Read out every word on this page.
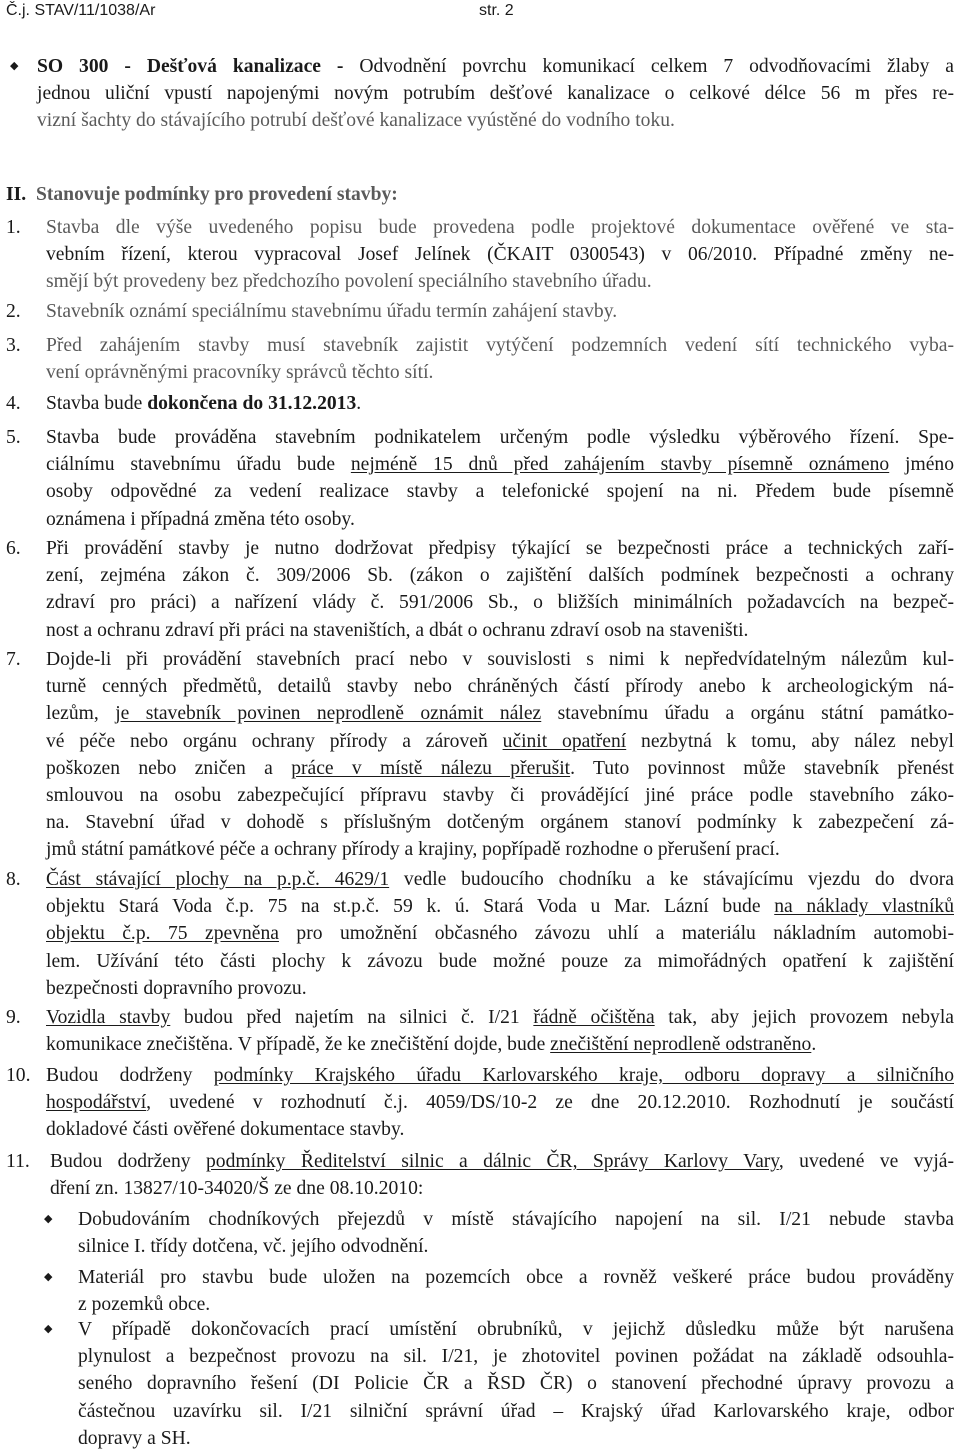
Č.j. STAV/11/1038/Ar	str. 2
◆ SO 300 - Dešťová kanalizace - Odvodnění povrchu komunikací celkem 7 odvodňovacími žlaby a
jednou uliční vpustí napojenými novým potrubím dešťové kanalizace o celkové délce 56 m přes re-
vizní šachty do stávajícího potrubí dešťové kanalizace vyústěné do vodního toku.
II. Stanovuje podmínky pro provedení stavby:
1. Stavba dle výše uvedeného popisu bude provedena podle projektové dokumentace ověřené ve sta-
vebním řízení, kterou vypracoval Josef Jelínek (ČKAIT 0300543) v 06/2010. Případné změny ne-
smějí být provedeny bez předchozího povolení speciálního stavebního úřadu.
2. Stavebník oznámí speciálnímu stavebnímu úřadu termín zahájení stavby.
3. Před zahájením stavby musí stavebník zajistit vytýčení podzemních vedení sítí technického vyba-
vení oprávněnými pracovníky správců těchto sítí.
4. Stavba bude dokončena do 31.12.2013.
5. Stavba bude prováděna stavebním podnikatelem určeným podle výsledku výběrového řízení. Spe-
ciálnímu stavebnímu úřadu bude nejméně 15 dnů před zahájením stavby písemně oznámeno jméno
osoby odpovědné za vedení realizace stavby a telefonické spojení na ni. Předem bude písemně
oznámena i případná změna této osoby.
6. Při provádění stavby je nutno dodržovat předpisy týkající se bezpečnosti práce a technických zaří-
zení, zejména zákon č. 309/2006 Sb. (zákon o zajištění dalších podmínek bezpečnosti a ochrany
zdraví pro práci) a nařízení vlády č. 591/2006 Sb., o bližších minimálních požadavcích na bezpeč-
nost a ochranu zdraví při práci na staveništích, a dbát o ochranu zdraví osob na staveništi.
7. Dojde-li při provádění stavebních prací nebo v souvislosti s nimi k nepředvídatelným nálezům kul-
turně cenných předmětů, detailů stavby nebo chráněných částí přírody anebo k archeologickým ná-
lezům, je stavebník povinen neprodleně oznámit nález stavebnímu úřadu a orgánu státní památko-
vé péče nebo orgánu ochrany přírody a zároveň učinit opatření nezbytná k tomu, aby nález nebyl
poškozen nebo zničen a práce v místě nálezu přerušit. Tuto povinnost může stavebník přenést
smlouvou na osobu zabezpečující přípravu stavby či provádějící jiné práce podle stavebního záko-
na. Stavební úřad v dohodě s příslušným dotčeným orgánem stanoví podmínky k zabezpečení zá-
jmů státní památkové péče a ochrany přírody a krajiny, popřípadě rozhodne o přerušení prací.
8. Část stávající plochy na p.p.č. 4629/1 vedle budoucího chodníku a ke stávajícímu vjezdu do dvora
objektu Stará Voda č.p. 75 na st.p.č. 59 k. ú. Stará Voda u Mar. Lázní bude na náklady vlastníků
objektu č.p. 75 zpevněna pro umožnění občasného závozu uhlí a materiálu nákladním automobi-
lem. Užívání této části plochy k závozu bude možné pouze za mimořádných opatření k zajištění
bezpečnosti dopravního provozu.
9. Vozidla stavby budou před najetím na silnici č. I/21 řádně očištěna tak, aby jejich provozem nebyla
komunikace znečištěna. V případě, že ke znečištění dojde, bude znečištění neprodleně odstraněno.
10. Budou dodrženy podmínky Krajského úřadu Karlovarského kraje, odboru dopravy a silničního
hospodářství, uvedené v rozhodnutí č.j. 4059/DS/10-2 ze dne 20.12.2010. Rozhodnutí je součástí
dokladové části ověřené dokumentace stavby.
11. Budou dodrženy podmínky Ředitelství silnic a dálnic ČR, Správy Karlovy Vary, uvedené ve vyjá-
dření zn. 13827/10-34020/Š ze dne 08.10.2010:
◆ Dobudováním chodníkových přejezdů v místě stávajícího napojení na sil. I/21 nebude stavba
silnice I. třídy dotčena, vč. jejího odvodnění.
◆ Materiál pro stavbu bude uložen na pozemcích obce a rovněž veškeré práce budou prováděny
z pozemků obce.
◆ V případě dokončovacích prací umístění obrubníků, v jejichž důsledku může být narušena
plynulost a bezpečnost provozu na sil. I/21, je zhotovitel povinen požádat na základě odsouhla-
seného dopravního řešení (DI Policie ČR a ŘSD ČR) o stanovení přechodné úpravy provozu a
částečnou uzavírku sil. I/21 silniční správní úřad – Krajský úřad Karlovarského kraje, odbor
dopravy a SH.
